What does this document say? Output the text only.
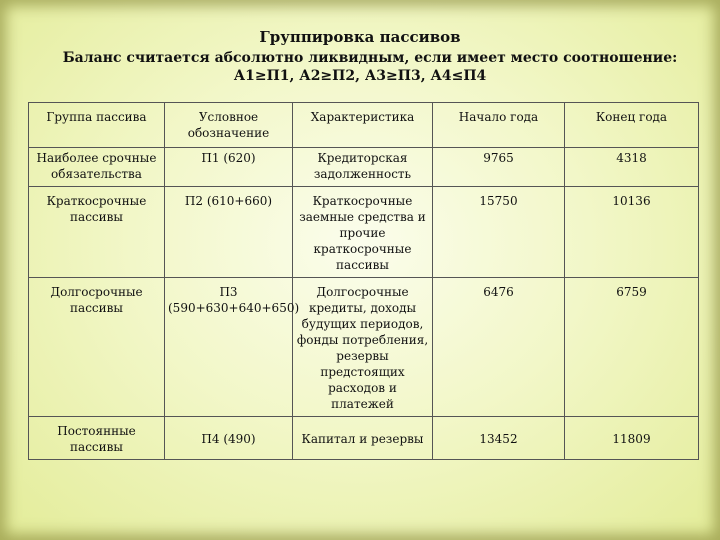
Группировка пассивов
Баланс считается абсолютно ликвидным, если имеет место соотношение:
А1≥П1, А2≥П2, А3≥П3, А4≤П4
Группа пассива	Условное обозначение	Характеристика	Начало года	Конец года
Наиболее срочные обязательства	П1 (620)	Кредиторская задолженность	9765	4318
Краткосрочные пассивы	П2 (610+660)	Краткосрочные заемные средства и прочие краткосрочные пассивы	15750	10136
Долгосрочные пассивы	П3 (590+630+640+650)	Долгосрочные кредиты, доходы будущих периодов, фонды потребления, резервы предстоящих расходов и платежей	6476	6759
Постоянные пассивы	П4 (490)	Капитал и резервы	13452	11809
